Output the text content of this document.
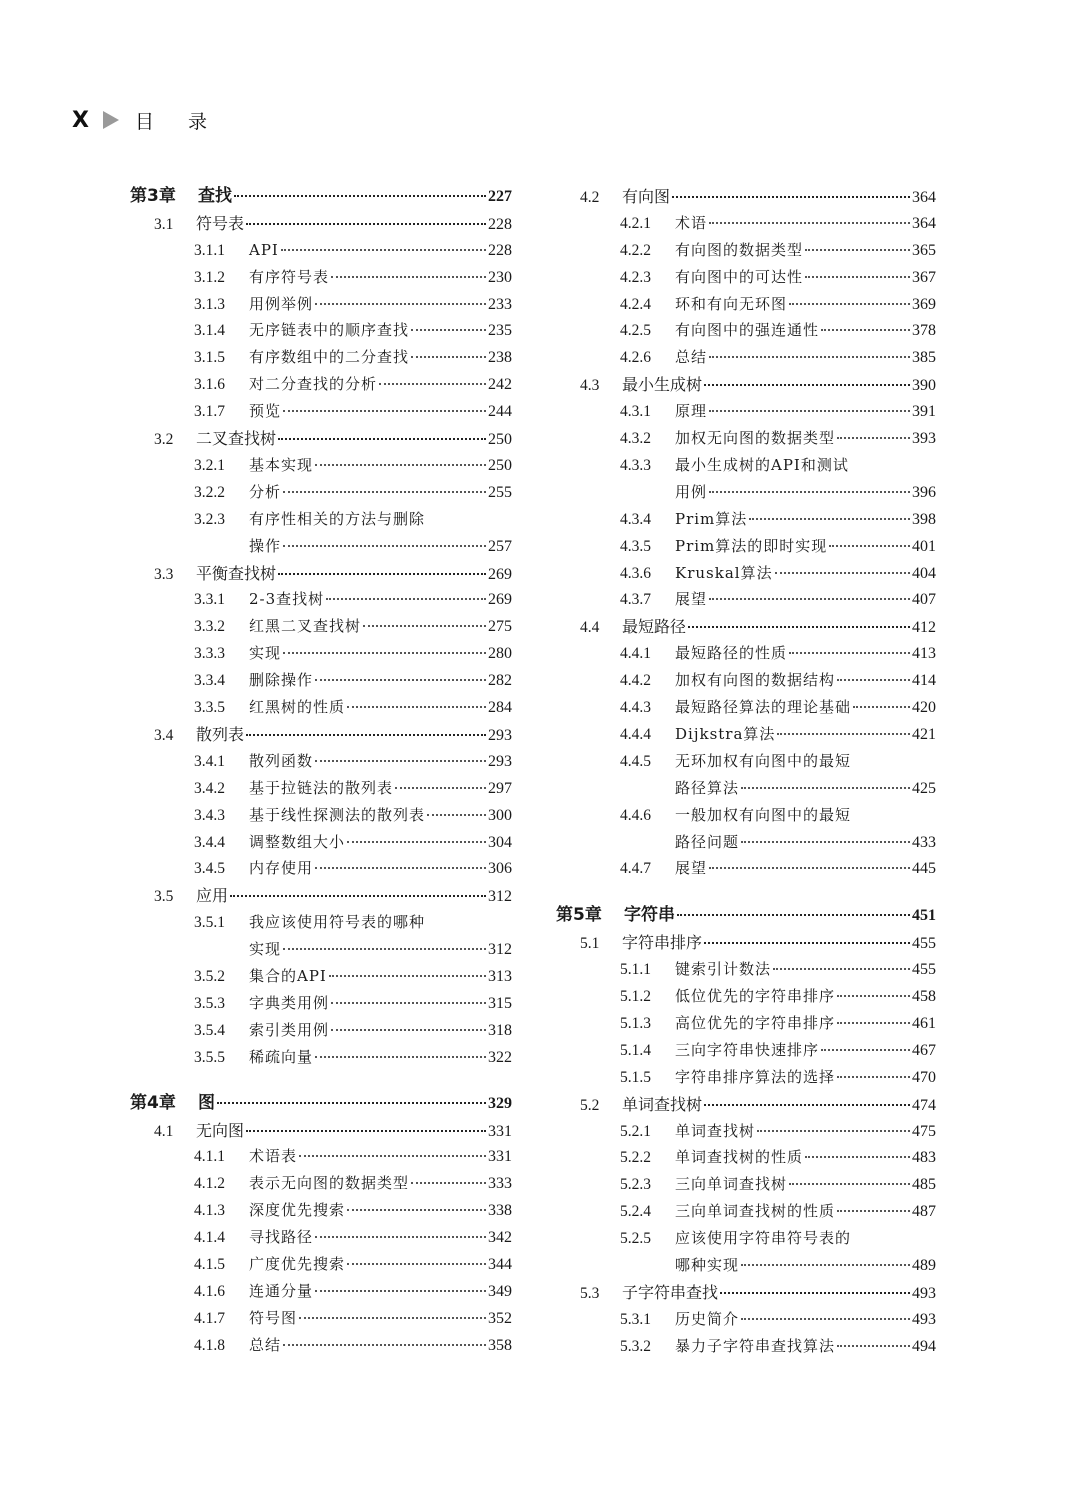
X 目录
第3章	查找	227
3.1	符号表	228
3.1.1	API	228
3.1.2	有序符号表	230
3.1.3	用例举例	233
3.1.4	无序链表中的顺序查找	235
3.1.5	有序数组中的二分查找	238
3.1.6	对二分查找的分析	242
3.1.7	预览	244
3.2	二叉查找树	250
3.2.1	基本实现	250
3.2.2	分析	255
3.2.3	有序性相关的方法与删除
操作	257
3.3	平衡查找树	269
3.3.1	2-3查找树	269
3.3.2	红黑二叉查找树	275
3.3.3	实现	280
3.3.4	删除操作	282
3.3.5	红黑树的性质	284
3.4	散列表	293
3.4.1	散列函数	293
3.4.2	基于拉链法的散列表	297
3.4.3	基于线性探测法的散列表	300
3.4.4	调整数组大小	304
3.4.5	内存使用	306
3.5	应用	312
3.5.1	我应该使用符号表的哪种
实现	312
3.5.2	集合的API	313
3.5.3	字典类用例	315
3.5.4	索引类用例	318
3.5.5	稀疏向量	322
第4章	图	329
4.1	无向图	331
4.1.1	术语表	331
4.1.2	表示无向图的数据类型	333
4.1.3	深度优先搜索	338
4.1.4	寻找路径	342
4.1.5	广度优先搜索	344
4.1.6	连通分量	349
4.1.7	符号图	352
4.1.8	总结	358
4.2	有向图	364
4.2.1	术语	364
4.2.2	有向图的数据类型	365
4.2.3	有向图中的可达性	367
4.2.4	环和有向无环图	369
4.2.5	有向图中的强连通性	378
4.2.6	总结	385
4.3	最小生成树	390
4.3.1	原理	391
4.3.2	加权无向图的数据类型	393
4.3.3	最小生成树的API和测试
用例	396
4.3.4	Prim算法	398
4.3.5	Prim算法的即时实现	401
4.3.6	Kruskal算法	404
4.3.7	展望	407
4.4	最短路径	412
4.4.1	最短路径的性质	413
4.4.2	加权有向图的数据结构	414
4.4.3	最短路径算法的理论基础	420
4.4.4	Dijkstra算法	421
4.4.5	无环加权有向图中的最短
路径算法	425
4.4.6	一般加权有向图中的最短
路径问题	433
4.4.7	展望	445
第5章	字符串	451
5.1	字符串排序	455
5.1.1	键索引计数法	455
5.1.2	低位优先的字符串排序	458
5.1.3	高位优先的字符串排序	461
5.1.4	三向字符串快速排序	467
5.1.5	字符串排序算法的选择	470
5.2	单词查找树	474
5.2.1	单词查找树	475
5.2.2	单词查找树的性质	483
5.2.3	三向单词查找树	485
5.2.4	三向单词查找树的性质	487
5.2.5	应该使用字符串符号表的
哪种实现	489
5.3	子字符串查找	493
5.3.1	历史简介	493
5.3.2	暴力子字符串查找算法	494
